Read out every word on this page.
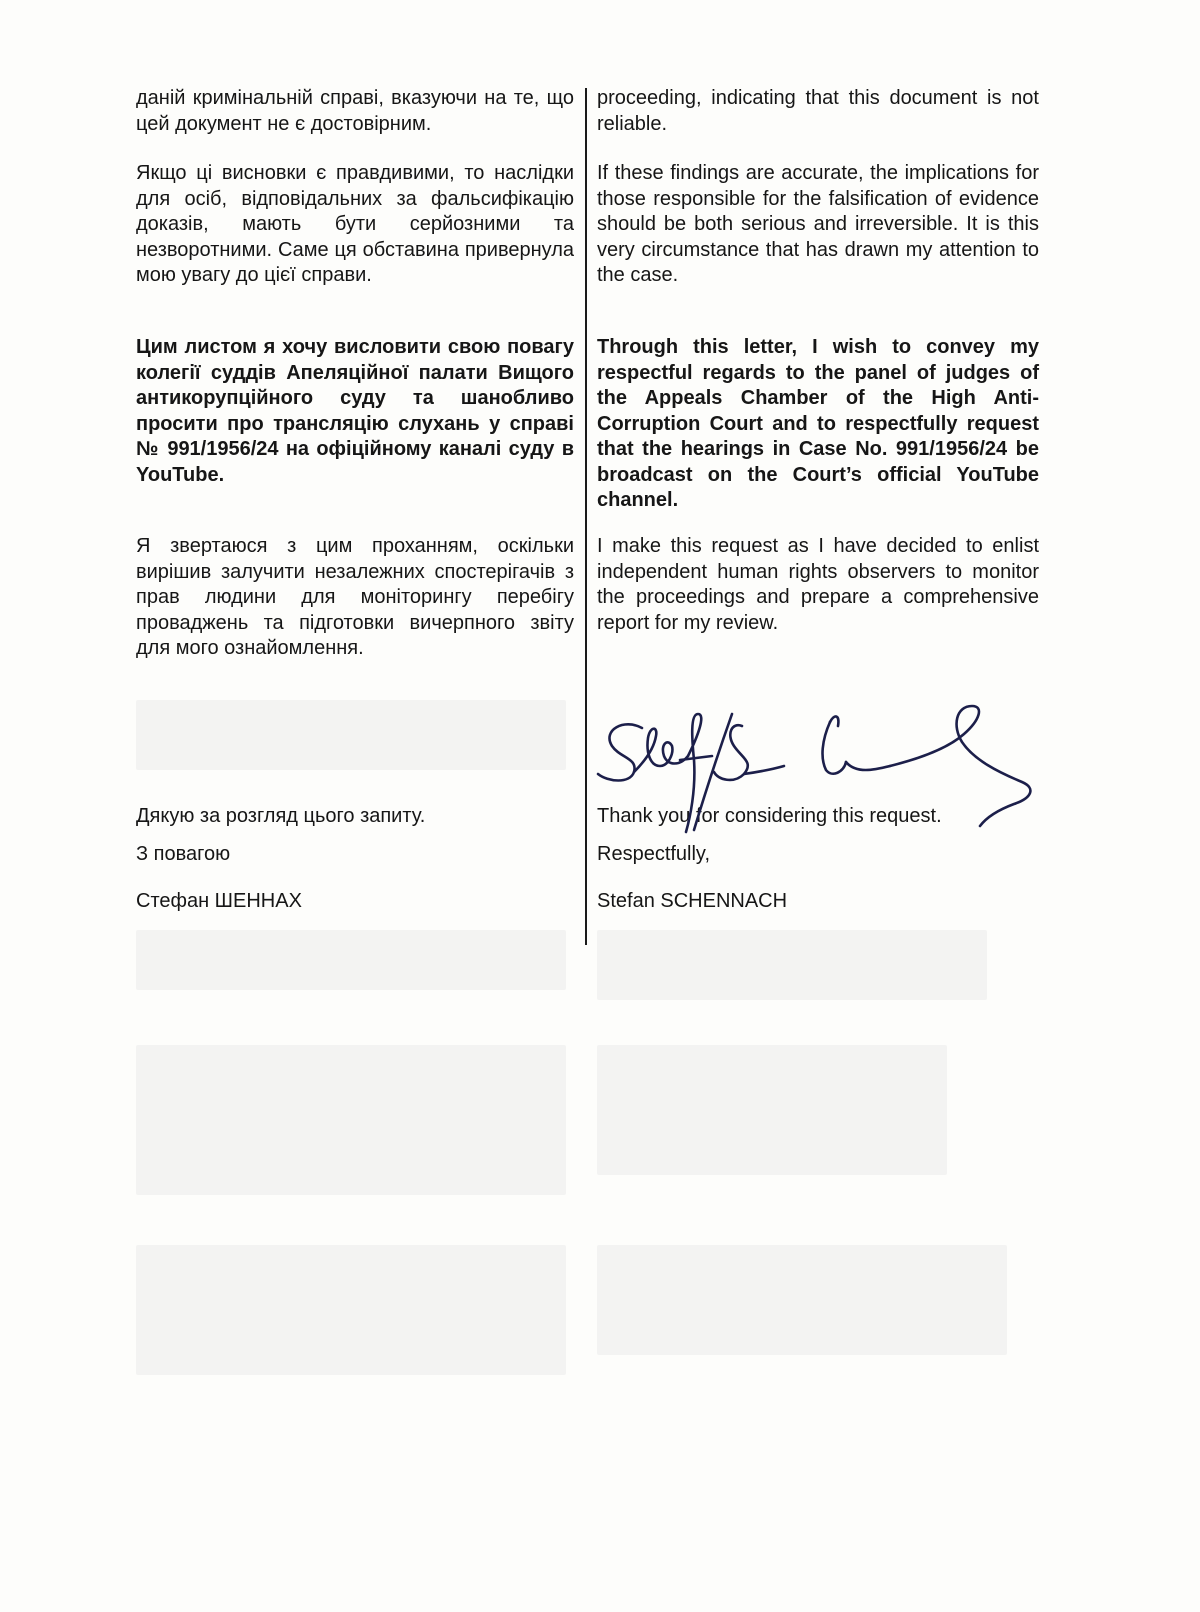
даній кримінальній справі, вказуючи на те, що цей документ не є достовірним.

Якщо ці висновки є правдивими, то наслідки для осіб, відповідальних за фальсифікацію доказів, мають бути серйозними та незворотними. Саме ця обставина привернула мою увагу до цієї справи.

Цим листом я хочу висловити свою повагу колегії суддів Апеляційної палати Вищого антикорупційного суду та шанобливо просити про трансляцію слухань у справі № 991/1956/24 на офіційному каналі суду в YouTube.

Я звертаюся з цим проханням, оскільки вирішив залучити незалежних спостерігачів з прав людини для моніторингу перебігу проваджень та підготовки вичерпного звіту для мого ознайомлення.

Дякую за розгляд цього запиту.

З повагою

Стефан ШЕННАХ

proceeding, indicating that this document is not reliable.

If these findings are accurate, the implications for those responsible for the falsification of evidence should be both serious and irreversible. It is this very circumstance that has drawn my attention to the case.

Through this letter, I wish to convey my respectful regards to the panel of judges of the Appeals Chamber of the High Anti-Corruption Court and to respectfully request that the hearings in Case No. 991/1956/24 be broadcast on the Court’s official YouTube channel.

I make this request as I have decided to enlist independent human rights observers to monitor the proceedings and prepare a comprehensive report for my review.

Thank you for considering this request.

Respectfully,

Stefan SCHENNACH
